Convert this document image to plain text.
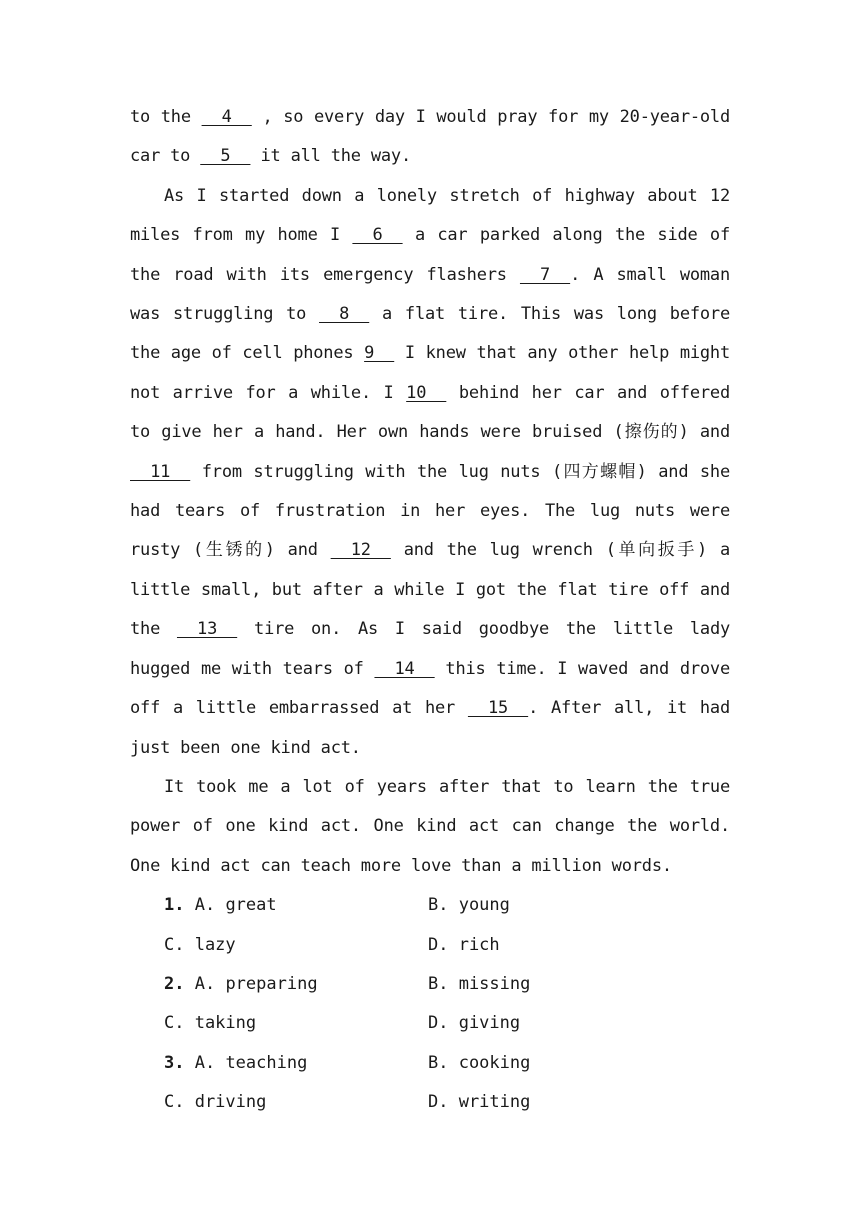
to the   4   , so every day I would pray for my 20-year-old car to   5   it all the way.

As I started down a lonely stretch of highway about 12 miles from my home I   6   a car parked along the side of the road with its emergency flashers   7  . A small woman was struggling to   8   a flat tire. This was long before the age of cell phones 9   I knew that any other help might not arrive for a while. I 10   behind her car and offered to give her a hand. Her own hands were bruised (擦伤的) and   11   from struggling with the lug nuts (四方螺帽) and she had tears of frustration in her eyes. The lug nuts were rusty (生锈的) and   12   and the lug wrench (单向扳手) a little small, but after a while I got the flat tire off and the   13   tire on. As I said goodbye the little lady hugged me with tears of   14   this time. I waved and drove off a little embarrassed at her   15  . After all, it had just been one kind act.

It took me a lot of years after that to learn the true power of one kind act. One kind act can change the world. One kind act can teach more love than a million words.

1. A. great	B. young
C. lazy	D. rich
2. A. preparing	B. missing
C. taking	D. giving
3. A. teaching	B. cooking
C. driving	D. writing
